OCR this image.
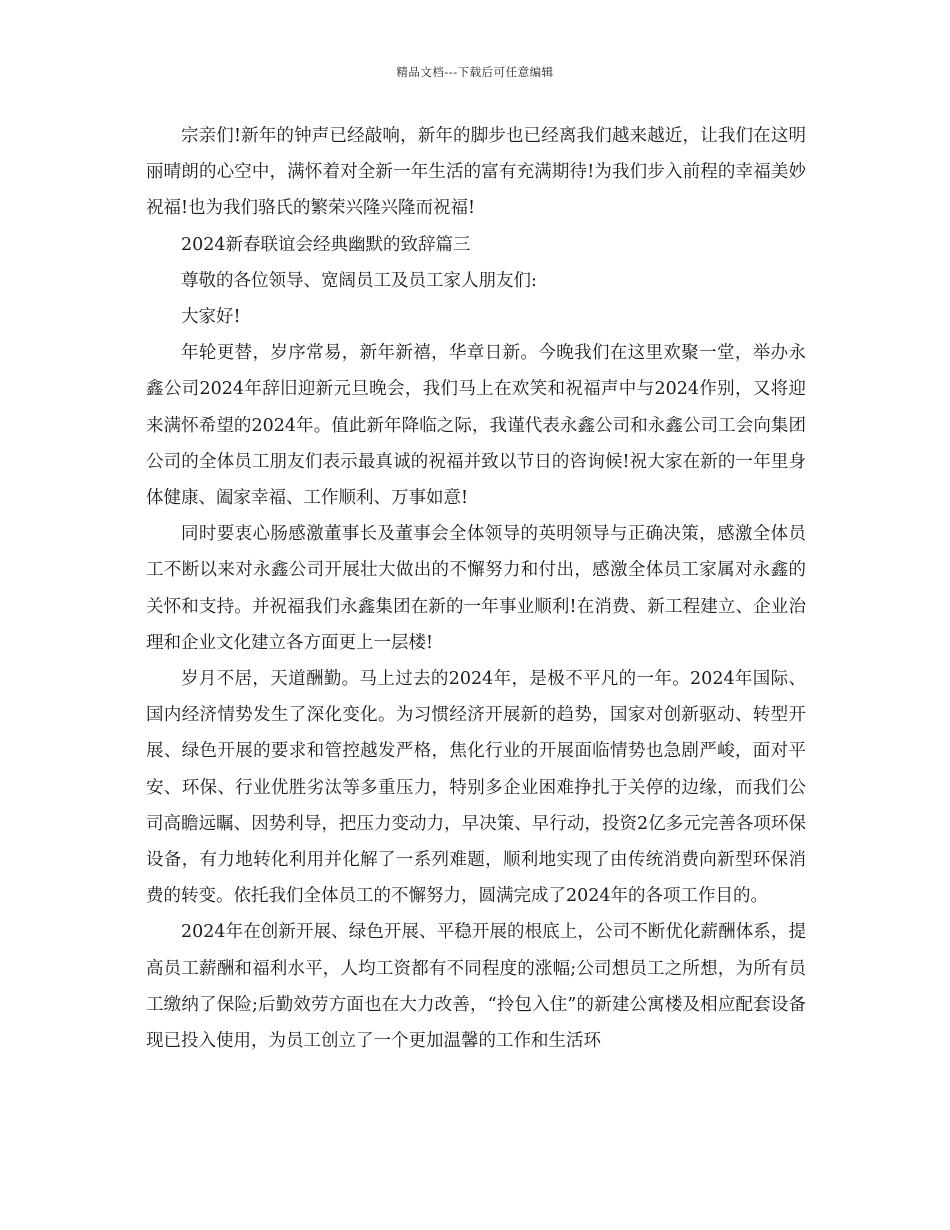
精品文档---下载后可任意编辑

宗亲们!新年的钟声已经敲响，新年的脚步也已经离我们越来越近，让我们在这明丽晴朗的心空中，满怀着对全新一年生活的富有充满期待!为我们步入前程的幸福美妙祝福!也为我们骆氏的繁荣兴隆兴隆而祝福!

2024新春联谊会经典幽默的致辞篇三

尊敬的各位领导、宽阔员工及员工家人朋友们:

大家好!

年轮更替，岁序常易，新年新禧，华章日新。今晚我们在这里欢聚一堂，举办永鑫公司2024年辞旧迎新元旦晚会，我们马上在欢笑和祝福声中与2024作别，又将迎来满怀希望的2024年。值此新年降临之际，我谨代表永鑫公司和永鑫公司工会向集团公司的全体员工朋友们表示最真诚的祝福并致以节日的咨询候!祝大家在新的一年里身体健康、阖家幸福、工作顺利、万事如意!

同时要衷心肠感激董事长及董事会全体领导的英明领导与正确决策，感激全体员工不断以来对永鑫公司开展壮大做出的不懈努力和付出，感激全体员工家属对永鑫的关怀和支持。并祝福我们永鑫集团在新的一年事业顺利!在消费、新工程建立、企业治理和企业文化建立各方面更上一层楼!

岁月不居，天道酬勤。马上过去的2024年，是极不平凡的一年。2024年国际、国内经济情势发生了深化变化。为习惯经济开展新的趋势，国家对创新驱动、转型开展、绿色开展的要求和管控越发严格，焦化行业的开展面临情势也急剧严峻，面对平安、环保、行业优胜劣汰等多重压力，特别多企业困难挣扎于关停的边缘，而我们公司高瞻远瞩、因势利导，把压力变动力，早决策、早行动，投资2亿多元完善各项环保设备，有力地转化利用并化解了一系列难题，顺利地实现了由传统消费向新型环保消费的转变。依托我们全体员工的不懈努力，圆满完成了2024年的各项工作目的。

2024年在创新开展、绿色开展、平稳开展的根底上，公司不断优化薪酬体系，提高员工薪酬和福利水平，人均工资都有不同程度的涨幅;公司想员工之所想，为所有员工缴纳了保险;后勤效劳方面也在大力改善，“拎包入住”的新建公寓楼及相应配套设备现已投入使用，为员工创立了一个更加温馨的工作和生活环
